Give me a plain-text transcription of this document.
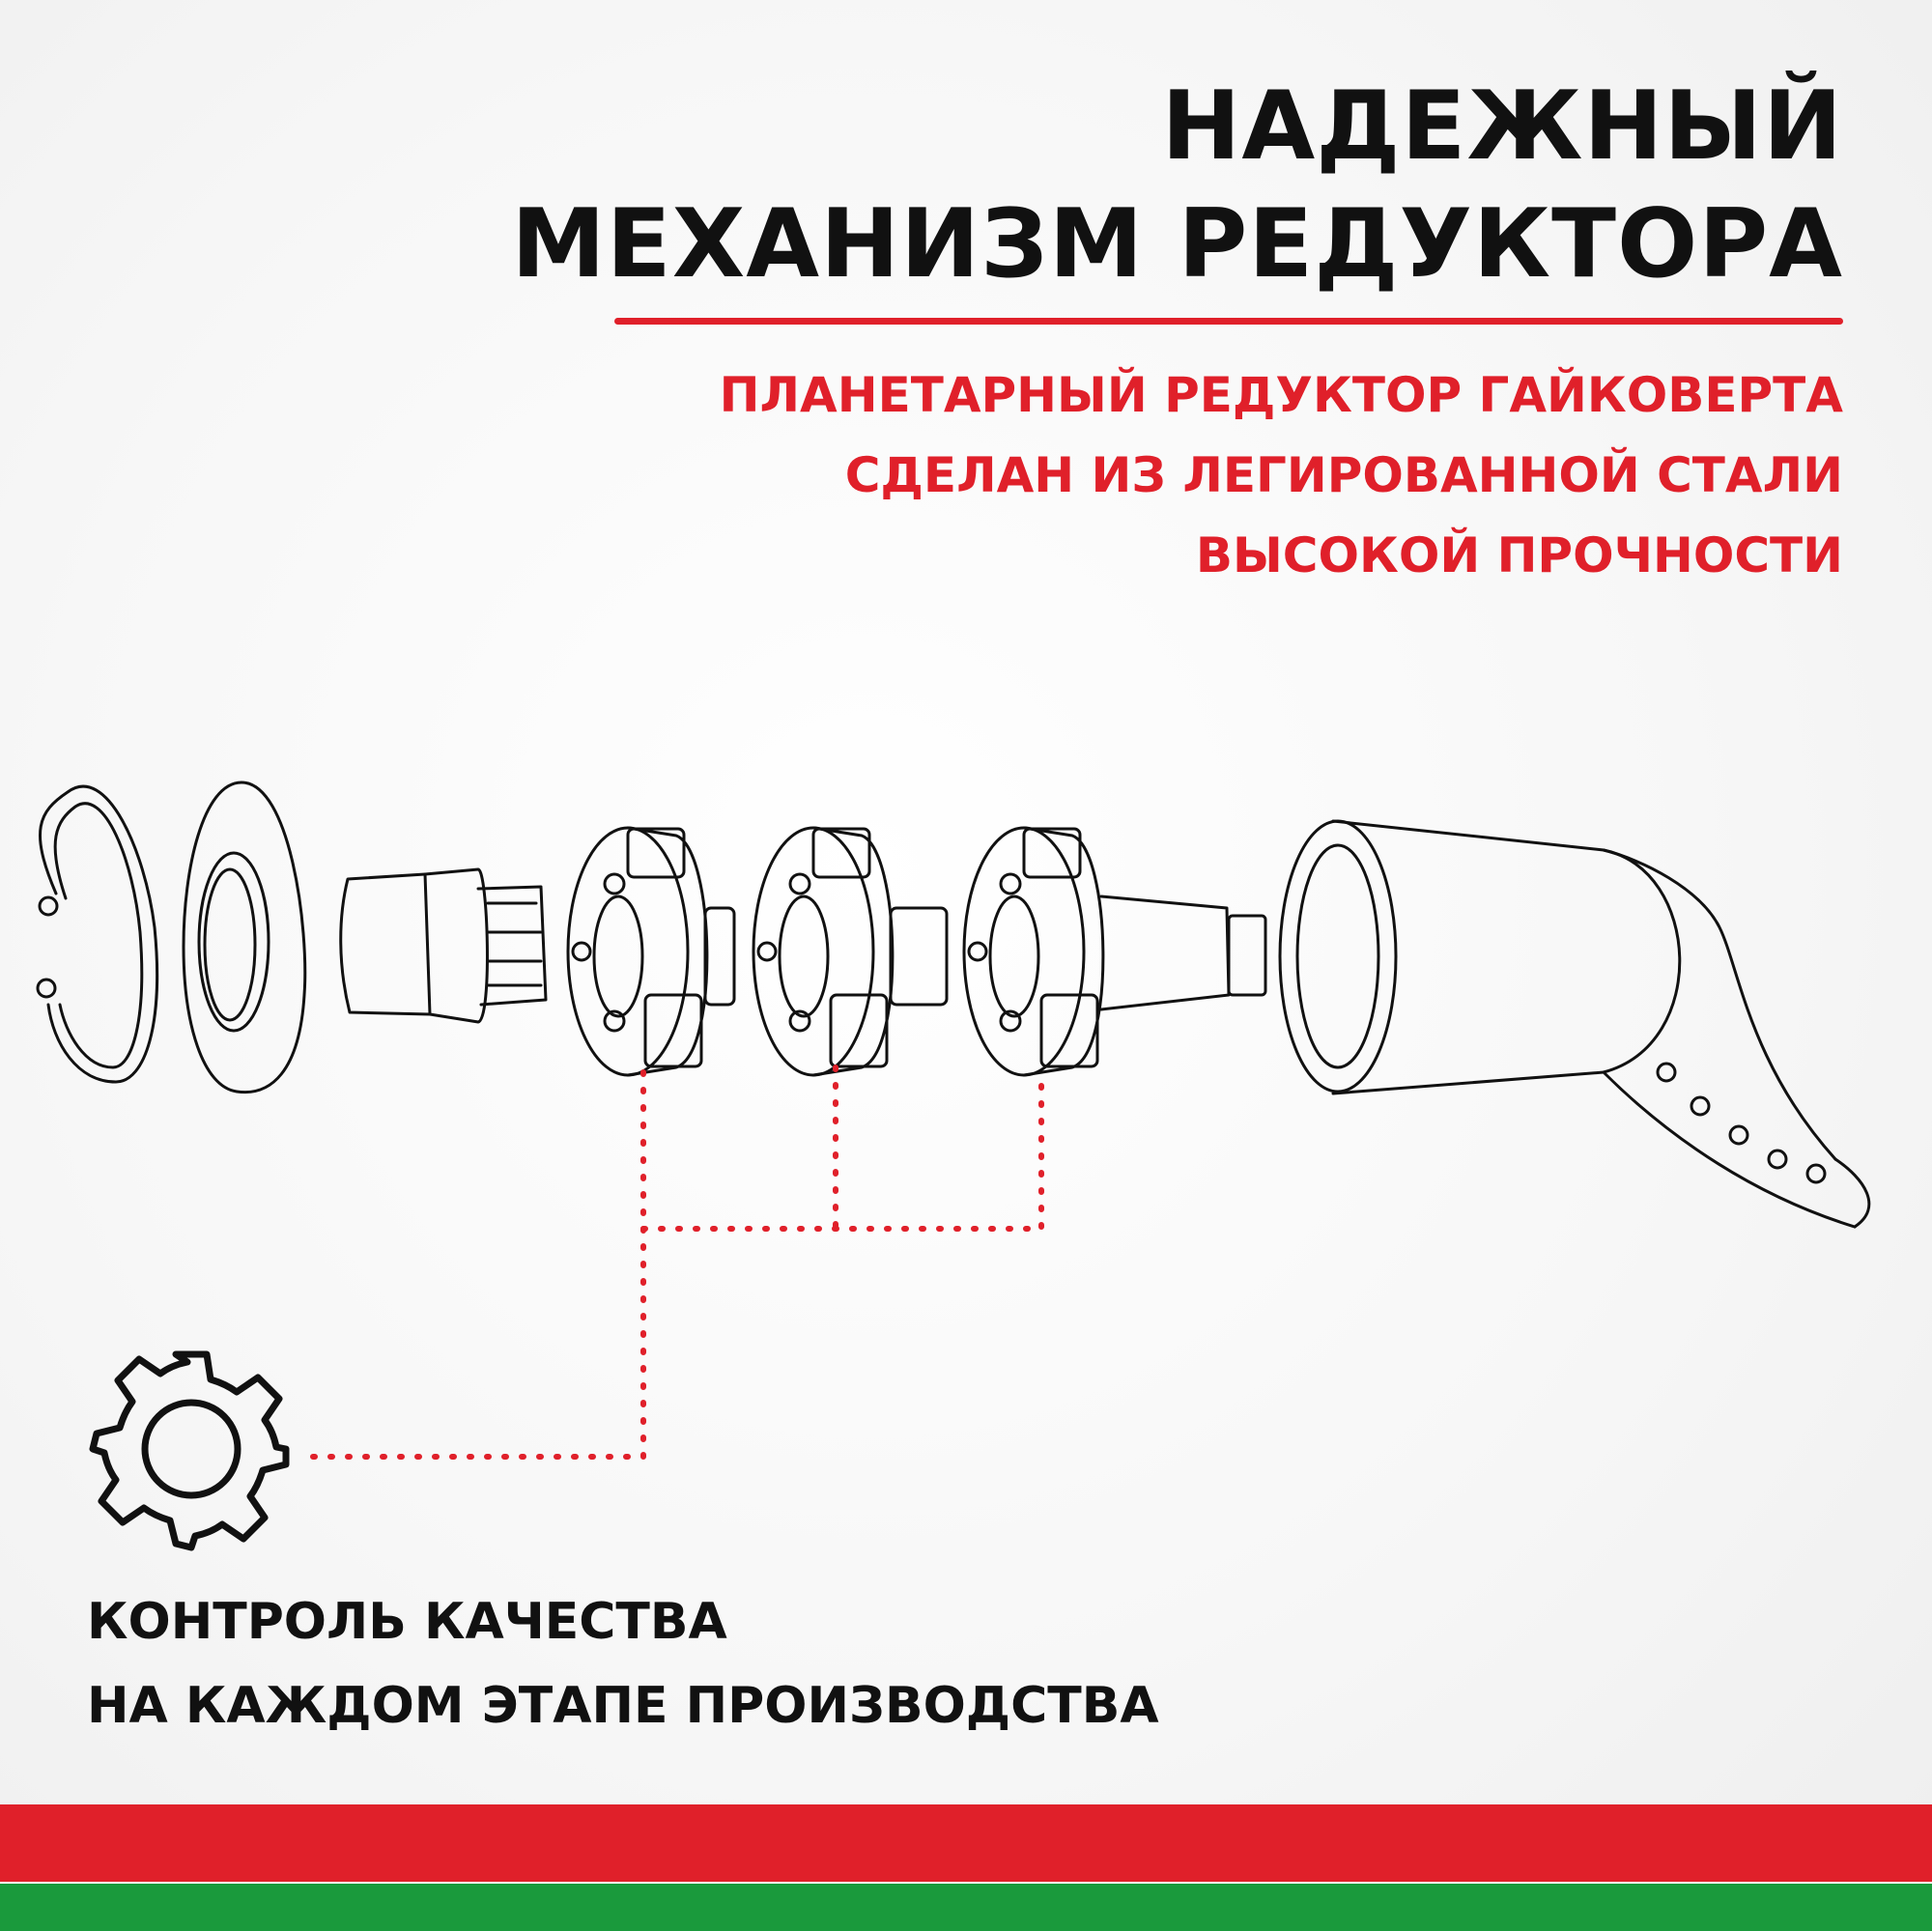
НАДЕЖНЫЙ
МЕХАНИЗМ РЕДУКТОРА

ПЛАНЕТАРНЫЙ РЕДУКТОР ГАЙКОВЕРТА
СДЕЛАН ИЗ ЛЕГИРОВАННОЙ СТАЛИ
ВЫСОКОЙ ПРОЧНОСТИ

КОНТРОЛЬ КАЧЕСТВА
НА КАЖДОМ ЭТАПЕ ПРОИЗВОДСТВА
